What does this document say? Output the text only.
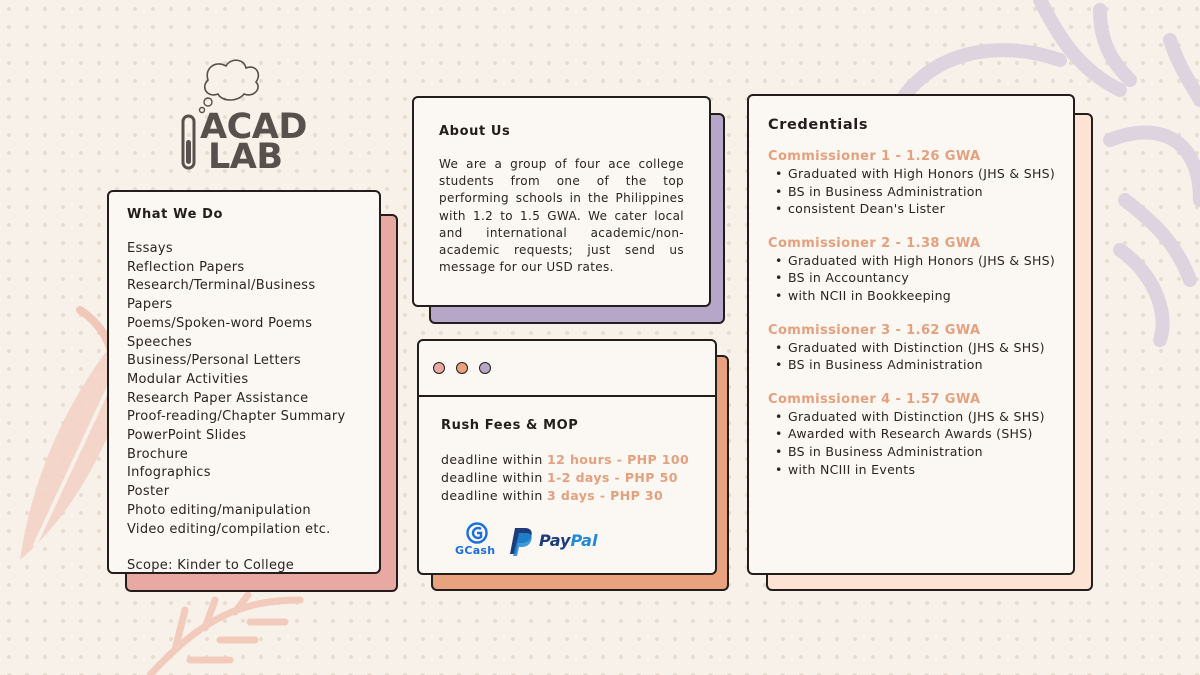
ACAD
LAB
What We Do
Essays
Reflection Papers
Research/Terminal/Business Papers
Poems/Spoken-word Poems
Speeches
Business/Personal Letters
Modular Activities
Research Paper Assistance
Proof-reading/Chapter Summary
PowerPoint Slides
Brochure
Infographics
Poster
Photo editing/manipulation
Video editing/compilation etc.
Scope: Kinder to College
About Us

We are a group of four ace college students from one of the top performing schools in the Philippines with 1.2 to 1.5 GWA. We cater local and international academic/non-academic requests; just send us message for our USD rates.

Rush Fees & MOP
deadline within 12 hours - PHP 100
deadline within 1-2 days - PHP 50
deadline within 3 days - PHP 30
GCash
PayPal
Credentials
Commissioner 1 - 1.26 GWA
• Graduated with High Honors (JHS & SHS)
• BS in Business Administration
• consistent Dean's Lister
Commissioner 2 - 1.38 GWA
• Graduated with High Honors (JHS & SHS)
• BS in Accountancy
• with NCII in Bookkeeping
Commissioner 3 - 1.62 GWA
• Graduated with Distinction (JHS & SHS)
• BS in Business Administration
Commissioner 4 - 1.57 GWA
• Graduated with Distinction (JHS & SHS)
• Awarded with Research Awards (SHS)
• BS in Business Administration
• with NCIII in Events
